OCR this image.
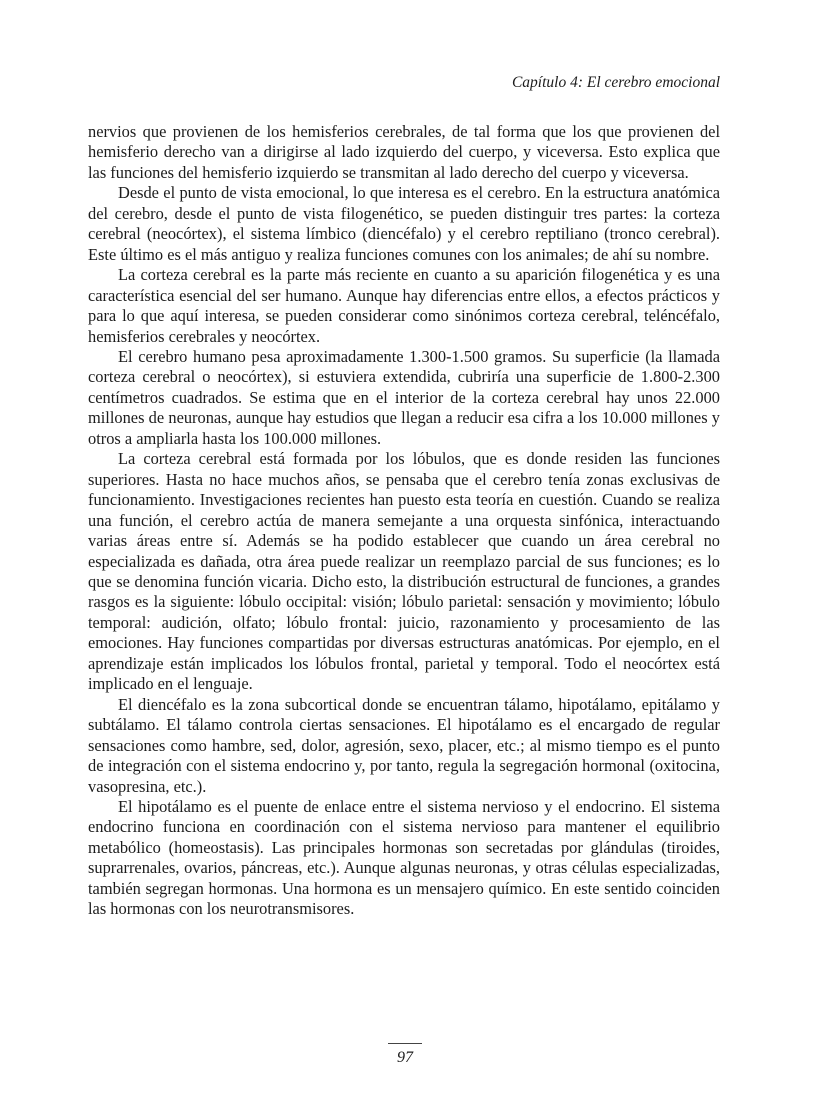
Capítulo 4: El cerebro emocional

nervios que provienen de los hemisferios cerebrales, de tal forma que los que provienen del hemisferio derecho van a dirigirse al lado izquierdo del cuerpo, y viceversa. Esto explica que las funciones del hemisferio izquierdo se transmitan al lado derecho del cuerpo y viceversa.

Desde el punto de vista emocional, lo que interesa es el cerebro. En la estructura anatómica del cerebro, desde el punto de vista filogenético, se pueden distinguir tres partes: la corteza cerebral (neocórtex), el sistema límbico (diencéfalo) y el cerebro reptiliano (tronco cerebral). Este último es el más antiguo y realiza funciones comunes con los animales; de ahí su nombre.

La corteza cerebral es la parte más reciente en cuanto a su aparición filogenética y es una característica esencial del ser humano. Aunque hay diferencias entre ellos, a efectos prácticos y para lo que aquí interesa, se pueden considerar como sinónimos corteza cerebral, teléncéfalo, hemisferios cerebrales y neocórtex.

El cerebro humano pesa aproximadamente 1.300-1.500 gramos. Su superficie (la llamada corteza cerebral o neocórtex), si estuviera extendida, cubriría una superficie de 1.800-2.300 centímetros cuadrados. Se estima que en el interior de la corteza cerebral hay unos 22.000 millones de neuronas, aunque hay estudios que llegan a reducir esa cifra a los 10.000 millones y otros a ampliarla hasta los 100.000 millones.

La corteza cerebral está formada por los lóbulos, que es donde residen las funciones superiores. Hasta no hace muchos años, se pensaba que el cerebro tenía zonas exclusivas de funcionamiento. Investigaciones recientes han puesto esta teoría en cuestión. Cuando se realiza una función, el cerebro actúa de manera semejante a una orquesta sinfónica, interactuando varias áreas entre sí. Además se ha podido establecer que cuando un área cerebral no especializada es dañada, otra área puede realizar un reemplazo parcial de sus funciones; es lo que se denomina función vicaria. Dicho esto, la distribución estructural de funciones, a grandes rasgos es la siguiente: lóbulo occipital: visión; lóbulo parietal: sensación y movimiento; lóbulo temporal: audición, olfato; lóbulo frontal: juicio, razonamiento y procesamiento de las emociones. Hay funciones compartidas por diversas estructuras anatómicas. Por ejemplo, en el aprendizaje están implicados los lóbulos frontal, parietal y temporal. Todo el neocórtex está implicado en el lenguaje.

El diencéfalo es la zona subcortical donde se encuentran tálamo, hipotálamo, epitálamo y subtálamo. El tálamo controla ciertas sensaciones. El hipotálamo es el encargado de regular sensaciones como hambre, sed, dolor, agresión, sexo, placer, etc.; al mismo tiempo es el punto de integración con el sistema endocrino y, por tanto, regula la segregación hormonal (oxitocina, vasopresina, etc.).

El hipotálamo es el puente de enlace entre el sistema nervioso y el endocrino. El sistema endocrino funciona en coordinación con el sistema nervioso para mantener el equilibrio metabólico (homeostasis). Las principales hormonas son secretadas por glándulas (tiroides, suprarrenales, ovarios, páncreas, etc.). Aunque algunas neuronas, y otras células especializadas, también segregan hormonas. Una hormona es un mensajero químico. En este sentido coinciden las hormonas con los neurotransmisores.

97
